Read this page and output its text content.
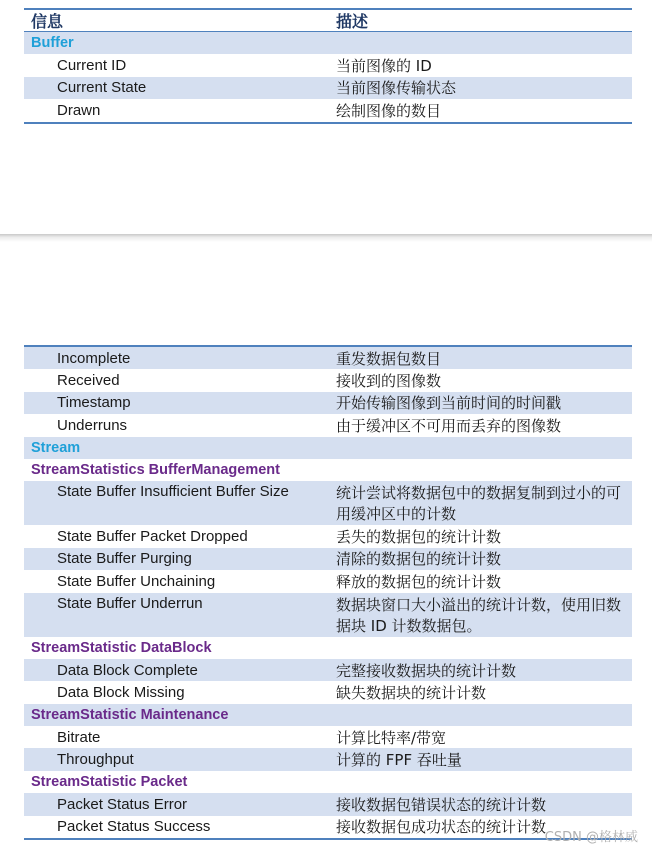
信息	描述
Buffer
Current ID	当前图像的 ID
Current State	当前图像传输状态
Drawn	绘制图像的数目
Incomplete	重发数据包数目
Received	接收到的图像数
Timestamp	开始传输图像到当前时间的时间戳
Underruns	由于缓冲区不可用而丢弃的图像数
Stream
StreamStatistics BufferManagement
State Buffer Insufficient Buffer Size	统计尝试将数据包中的数据复制到过小的可用缓冲区中的计数
State Buffer Packet Dropped	丢失的数据包的统计计数
State Buffer Purging	清除的数据包的统计计数
State Buffer Unchaining	释放的数据包的统计计数
State Buffer Underrun	数据块窗口大小溢出的统计计数，使用旧数据块 ID 计数数据包。
StreamStatistic DataBlock
Data Block Complete	完整接收数据块的统计计数
Data Block Missing	缺失数据块的统计计数
StreamStatistic Maintenance
Bitrate	计算比特率/带宽
Throughput	计算的 FPF 吞吐量
StreamStatistic Packet
Packet Status Error	接收数据包错误状态的统计计数
Packet Status Success	接收数据包成功状态的统计计数
CSDN @格林威
